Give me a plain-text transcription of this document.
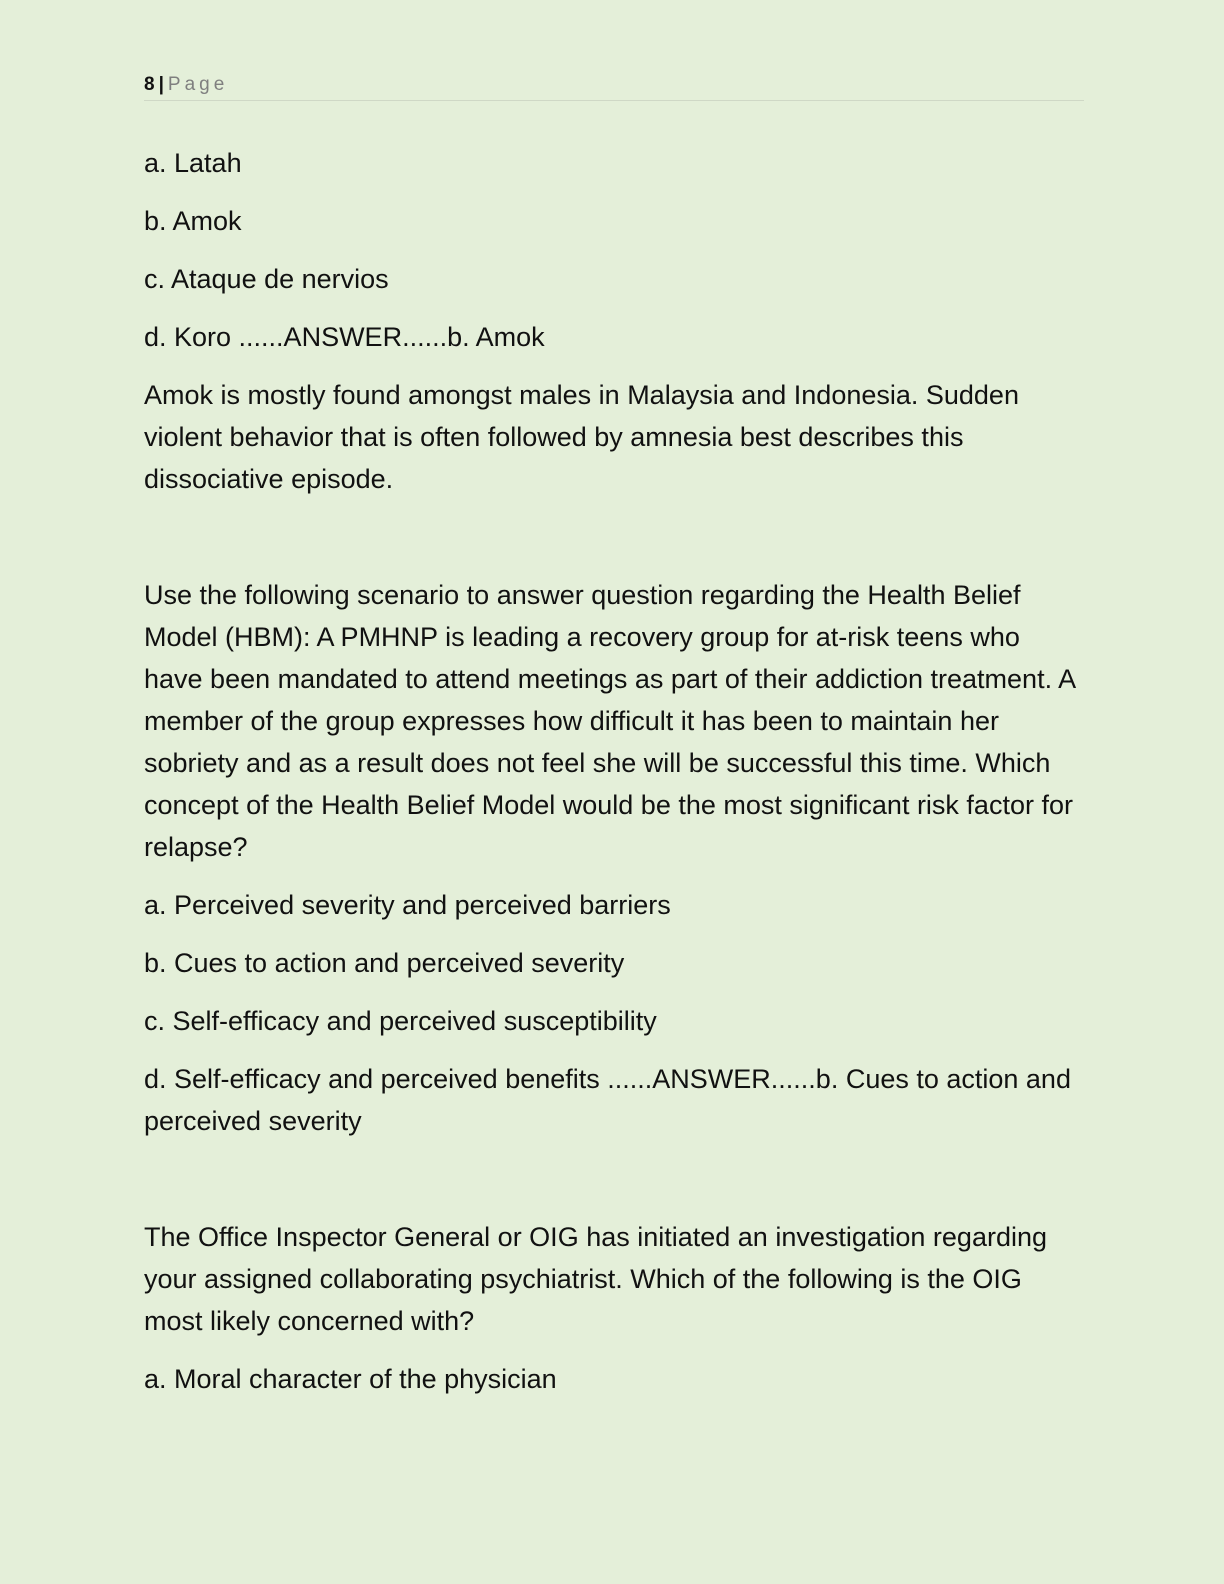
8 | Page

a. Latah

b. Amok

c. Ataque de nervios

d. Koro ......ANSWER......b. Amok

Amok is mostly found amongst males in Malaysia and Indonesia. Sudden violent behavior that is often followed by amnesia best describes this dissociative episode.

Use the following scenario to answer question regarding the Health Belief Model (HBM): A PMHNP is leading a recovery group for at-risk teens who have been mandated to attend meetings as part of their addiction treatment. A member of the group expresses how difficult it has been to maintain her sobriety and as a result does not feel she will be successful this time. Which concept of the Health Belief Model would be the most significant risk factor for relapse?

a. Perceived severity and perceived barriers

b. Cues to action and perceived severity

c. Self-efficacy and perceived susceptibility

d. Self-efficacy and perceived benefits ......ANSWER......b. Cues to action and perceived severity

The Office Inspector General or OIG has initiated an investigation regarding your assigned collaborating psychiatrist. Which of the following is the OIG most likely concerned with?

a. Moral character of the physician
